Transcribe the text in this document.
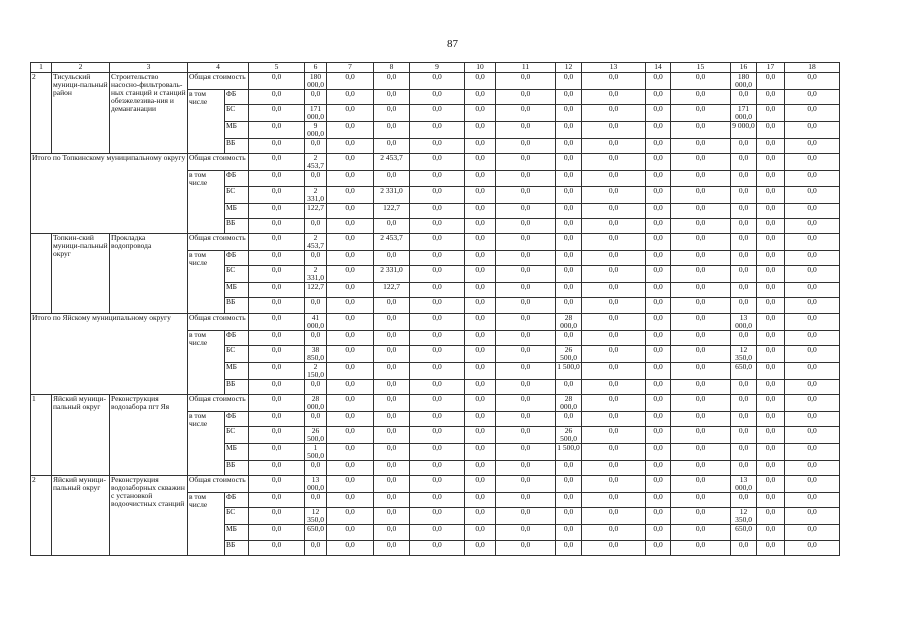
87
1	2	3	4		5	6	7	8	9	10	11	12	13	14	15	16	17	18
2	Тисульский муници-пальный район	Строительство насосно-фильтроваль-ных станций и станций обезжелезива-ния и деманганации	Общая стоимость		0,0	180 000,0	0,0	0,0	0,0	0,0	0,0	0,0	0,0	0,0	0,0	180 000,0	0,0	0,0
			в том числе	ФБ	0,0	0,0	0,0	0,0	0,0	0,0	0,0	0,0	0,0	0,0	0,0	0,0	0,0	0,0
				БС	0,0	171 000,0	0,0	0,0	0,0	0,0	0,0	0,0	0,0	0,0	0,0	171 000,0	0,0	0,0
				МБ	0,0	9 000,0	0,0	0,0	0,0	0,0	0,0	0,0	0,0	0,0	0,0	9 000,0	0,0	0,0
				ВБ	0,0	0,0	0,0	0,0	0,0	0,0	0,0	0,0	0,0	0,0	0,0	0,0	0,0	0,0
Итого по Топкинскому муниципальному округу			Общая стоимость		0,0	2 453,7	0,0	2 453,7	0,0	0,0	0,0	0,0	0,0	0,0	0,0	0,0	0,0	0,0
			в том числе	ФБ	0,0	0,0	0,0	0,0	0,0	0,0	0,0	0,0	0,0	0,0	0,0	0,0	0,0	0,0
				БС	0,0	2 331,0	0,0	2 331,0	0,0	0,0	0,0	0,0	0,0	0,0	0,0	0,0	0,0	0,0
				МБ	0,0	122,7	0,0	122,7	0,0	0,0	0,0	0,0	0,0	0,0	0,0	0,0	0,0	0,0
				ВБ	0,0	0,0	0,0	0,0	0,0	0,0	0,0	0,0	0,0	0,0	0,0	0,0	0,0	0,0
	Топкин-ский муници-пальный округ	Прокладка водопровода	Общая стоимость		0,0	2 453,7	0,0	2 453,7	0,0	0,0	0,0	0,0	0,0	0,0	0,0	0,0	0,0	0,0
			в том числе	ФБ	0,0	0,0	0,0	0,0	0,0	0,0	0,0	0,0	0,0	0,0	0,0	0,0	0,0	0,0
				БС	0,0	2 331,0	0,0	2 331,0	0,0	0,0	0,0	0,0	0,0	0,0	0,0	0,0	0,0	0,0
				МБ	0,0	122,7	0,0	122,7	0,0	0,0	0,0	0,0	0,0	0,0	0,0	0,0	0,0	0,0
				ВБ	0,0	0,0	0,0	0,0	0,0	0,0	0,0	0,0	0,0	0,0	0,0	0,0	0,0	0,0
Итого по Яйскому муниципальному округу			Общая стоимость		0,0	41 000,0	0,0	0,0	0,0	0,0	0,0	28 000,0	0,0	0,0	0,0	13 000,0	0,0	0,0
			в том числе	ФБ	0,0	0,0	0,0	0,0	0,0	0,0	0,0	0,0	0,0	0,0	0,0	0,0	0,0	0,0
				БС	0,0	38 850,0	0,0	0,0	0,0	0,0	0,0	26 500,0	0,0	0,0	0,0	12 350,0	0,0	0,0
				МБ	0,0	2 150,0	0,0	0,0	0,0	0,0	0,0	1 500,0	0,0	0,0	0,0	650,0	0,0	0,0
				ВБ	0,0	0,0	0,0	0,0	0,0	0,0	0,0	0,0	0,0	0,0	0,0	0,0	0,0	0,0
1	Яйский муници-пальный округ	Реконструкция водозабора пгт Яя	Общая стоимость		0,0	28 000,0	0,0	0,0	0,0	0,0	0,0	28 000,0	0,0	0,0	0,0	0,0	0,0	0,0
			в том числе	ФБ	0,0	0,0	0,0	0,0	0,0	0,0	0,0	0,0	0,0	0,0	0,0	0,0	0,0	0,0
				БС	0,0	26 500,0	0,0	0,0	0,0	0,0	0,0	26 500,0	0,0	0,0	0,0	0,0	0,0	0,0
				МБ	0,0	1 500,0	0,0	0,0	0,0	0,0	0,0	1 500,0	0,0	0,0	0,0	0,0	0,0	0,0
				ВБ	0,0	0,0	0,0	0,0	0,0	0,0	0,0	0,0	0,0	0,0	0,0	0,0	0,0	0,0
2	Яйский муници-пальный округ	Реконструкция водозаборных скважин с установкой водоочистных станций	Общая стоимость		0,0	13 000,0	0,0	0,0	0,0	0,0	0,0	0,0	0,0	0,0	0,0	13 000,0	0,0	0,0
			в том числе	ФБ	0,0	0,0	0,0	0,0	0,0	0,0	0,0	0,0	0,0	0,0	0,0	0,0	0,0	0,0
				БС	0,0	12 350,0	0,0	0,0	0,0	0,0	0,0	0,0	0,0	0,0	0,0	12 350,0	0,0	0,0
				МБ	0,0	650,0	0,0	0,0	0,0	0,0	0,0	0,0	0,0	0,0	0,0	650,0	0,0	0,0
				ВБ	0,0	0,0	0,0	0,0	0,0	0,0	0,0	0,0	0,0	0,0	0,0	0,0	0,0	0,0
